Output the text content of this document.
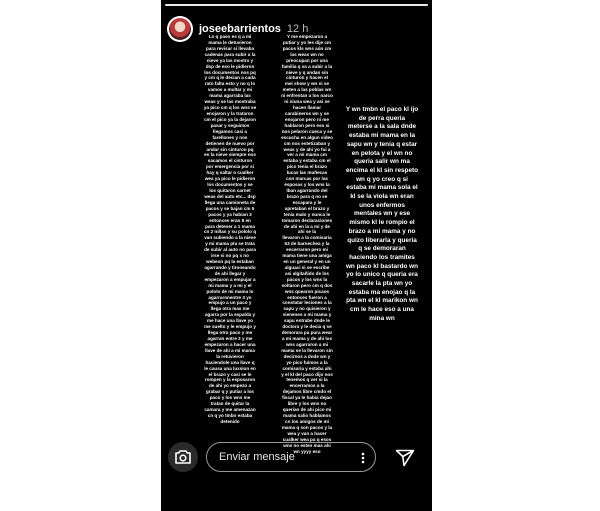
joseebarrientos 12 h
Lo q paso es q a mi
mama le detuvieron
para revisar si llevaba
cadenas para subir a la
nieve ya las mostro y
dsp de eso le pidieron
los documentos nos pq
y cm q le decian a cada
rato falta esto y no q lo
vamos a multar y mi
mama agarraba las
weas y se las mostraba
ya pico cm q los wns se
enojaron y la trataron
cm el pico ya la dejaron
pasar y seguimos
llegamos casi a
farellones y nos
detienen de nuevo por
andar sin cinturon pq
en la nieve siempre nos
sacamos el cinturon
por emergencia por si
hay q saltar o cualker
wea ya pico le pidieron
los documentos y se
los quitaron carnet
weas del auto etc... dsp
llega una camioneta de
pacos y se bajan cm 5
pacos y ya habian 3
entonces eran 8 en
para detener a 1 mama
cn 2 niñas y su pololo q
van subiendo a la nieve
y mi mama pta se trata
de subir al auto no para
irse si no pq x no
webeon pq la estaban
agarrando y tironeando
de ahi llegar y
empezaron a empujar a
mi mama y a mi y el
pololo de mi mama lo
agarraronentre 3 yo
empujo a un paco y
llega otra mas me
agarra por la espalda y
me hace una llave yo
me suelto y le empujo y
llega otro paco y me
agarran entre 2 y me
empezaron a hacer una
llave de ahi a mi mama
la retuvieron
haciendole una llave q
le causa una luxsion en
el brazo y casi se le
rompen y la esposaron
de ahi yo empezo a
grabar q y putiar a los
paco y los wns me
tratan de quitar la
camara y me amenazan
cn q yo tmbn estaba
detenido
Y me empezaron a
putiar y yo les dije cm
pacos kls wns aún cm
las weas wn no
preocupan por una
familia q va a subir a la
nieve y q andan sin
cinturon y hacen el
mei show y wn ni se
meten a las poblas wn
ni enfrentan a los narco
ni niuna wea y asi se
hacen llamar
carabineros wn y se
enojaron pero ni me
hablaron pero eso si
nos pelaron cueca y se
escucha en algun video
cm nos estetizaban y
weas y de ahi yo fui a
ver a mi mama cm
estaba y estaba cm el
pico tenia el brazo
lucas las muñecas
con marcas por las
esposas y los wns la
lban agarrando del
brazo para q no se
escapara y le
apretaban el brazo y
tenia malo y nunca le
tomaron declaraciones
de ahi en la a mi y de
ahi se la
llevaron a la comisaria
53 de barnechea y la
encerraron pero mi
mama tiene una amiga
en un general y en un
alguaci si se escribe
asi algitañido de los
pacos y los wns la
soltaron pero cm q dos
wns quearon picaos
entonces fueron a
constatar lesiones a la
sapu y no quisieron y
vienenes a mi mama y
sapu entrabe dnde le
doctora y le decia q se
demorara pa pura wear
a mi mama y de ahi los
wns agarraron a mi
mama se la llevaron sin
decirnos a dnde wn y
yo pico fuimos a la
comisaria y estaba ahi
y el kl del paco dijo nos
tenemos q ver si la
encerramos a la
dejamos libre cmdo el
fiscal ya le habia dejao
libre y los wns no
querian de ahi pico mi
mama salio hablamos
cn los amigos de mi
mama q son pacos y la
wea y van a hacer
cualker wea pa q esos
wns no esten mas ahi
wn yyyy eso
Y wn tmbn el paco kl ijo
de perra queria
meterse a la sala dnde
estaba mi mama en la
sapu wn y tenia q estar
en pelota y el wn no
queria salir wn ma
encima el kl sin respeto
wn q yo creo q si
estaba mi mama sola el
kl se la viola wn eran
unos enfermos
mentales wn y ese
mismo kl le rompio el
brazo a mi mama y no
quizo liberarla y queria
q se demoraran
haciendo los tramites
wn paco kl bastardo wn
yo lo unico q queria era
sacarle la pta wn yo
estaba ma enojao q la
pta wn el kl marikon wn
cm le hace eso a una
mina wn
Enviar mensaje
